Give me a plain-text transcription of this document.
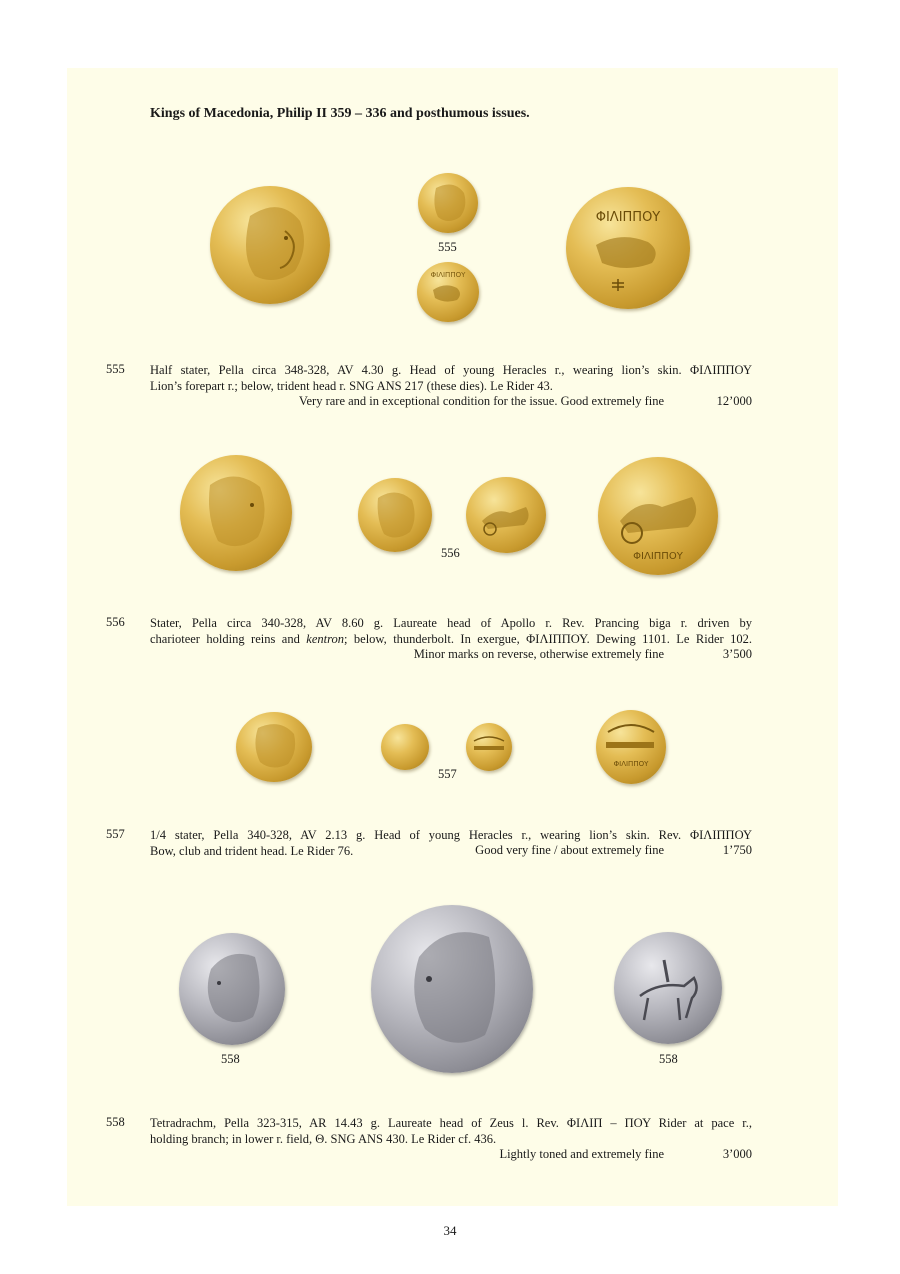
Kings of Macedonia, Philip II 359 – 336 and posthumous issues.
555
ΦΙΛΙΠΠΟΥ
ΦΙΛΙΠΠΟΥ
555 Half stater, Pella circa 348-328, AV 4.30 g. Head of young Heracles r., wearing lion’s skin. ΦΙΛΙΠΠΟΥ

Lion’s forepart r.; below, trident head r. SNG ANS 217 (these dies). Le Rider 43.

Very rare and in exceptional condition for the issue. Good extremely fine	12’000
556	ΦΙΛΙΠΠΟΥ
556 Stater, Pella circa 340-328, AV 8.60 g. Laureate head of Apollo r. Rev. Prancing biga r. driven by

charioteer holding reins and kentron; below, thunderbolt. In exergue, ΦΙΛΙΠΠΟΥ. Dewing 1101. Le Rider 102.

Minor marks on reverse, otherwise extremely fine	3’500
557
ΦΙΛΙΠΠΟΥ
557 1/4 stater, Pella 340-328, AV 2.13 g. Head of young Heracles r., wearing lion’s skin. Rev. ΦΙΛΙΠΠΟΥ

Bow, club and trident head. Le Rider 76.	Good very fine / about extremely fine	1’750
558	558
558 Tetradrachm, Pella 323-315, AR 14.43 g. Laureate head of Zeus l. Rev. ΦΙΛΙΠ – ΠΟΥ Rider at pace r.,

holding branch; in lower r. field, Θ. SNG ANS 430. Le Rider cf. 436.

Lightly toned and extremely fine	3’000
34
